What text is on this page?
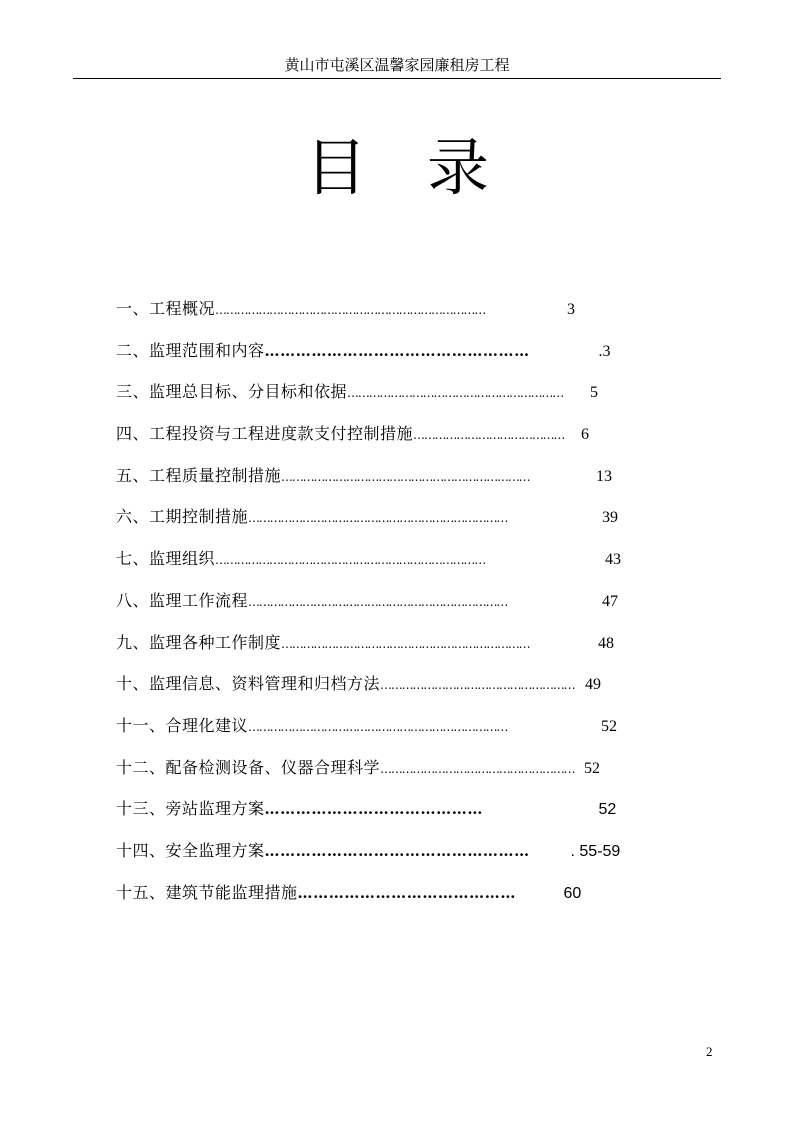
黄山市屯溪区温馨家园廉租房工程
目录
一、工程概况 …………………………………………………………………	3
二、监理范围和内容 ……………………………………………	.3
三、监理总目标、分目标和依据 ……………………………………………………	5
四、工程投资与工程进度款支付控制措施 ……………………………………	6
五、工程质量控制措施 ……………………………………………………………	13
六、工期控制措施 ………………………………………………………………	39
七、监理组织 …………………………………………………………………	43
八、监理工作流程 ………………………………………………………………	47
九、监理各种工作制度 ……………………………………………………………	48
十、监理信息、资料管理和归档方法 ……………………………………………… 49
十一、合理化建议 ………………………………………………………………	52
十二、配备检测设备、仪器合理科学 ……………………………………………… 52
十三、旁站监理方案 ……………………………………	52
十四、安全监理方案 ……………………………………………	. 55-59
十五、建筑节能监理措施 ……………………………………	60
2
